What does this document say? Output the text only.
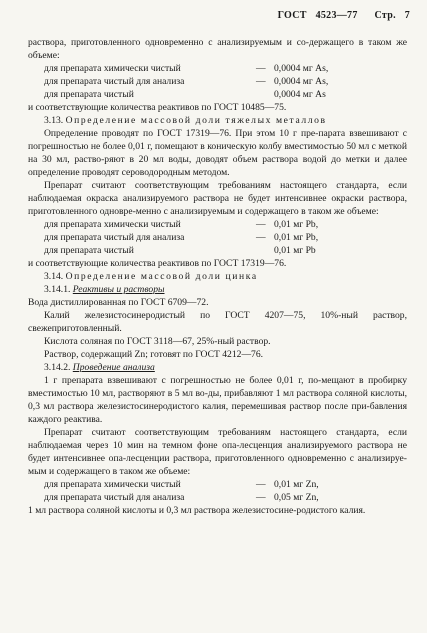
ГОСТ 4523—77 Стр. 7

раствора, приготовленного одновременно с анализируемым и со-держащего в таком же объеме:

для препарата химически чистый	— 0,0004 мг As,
для препарата чистый для анализа	— 0,0004 мг As,
для препарата чистый	0,0004 мг As

и соответствующие количества реактивов по ГОСТ 10485—75.

3.13. Определение массовой доли тяжелых металлов

Определение проводят по ГОСТ 17319—76. При этом 10 г пре-парата взвешивают с погрешностью не более 0,01 г, помещают в коническую колбу вместимостью 50 мл с меткой на 30 мл, раство-ряют в 20 мл воды, доводят объем раствора водой до метки и далее определение проводят сероводородным методом.

Препарат считают соответствующим требованиям настоящего стандарта, если наблюдаемая окраска анализируемого раствора не будет интенсивнее окраски раствора, приготовленного одновре-менно с анализируемым и содержащего в таком же объеме:

для препарата химически чистый	— 0,01 мг Pb,
для препарата чистый для анализа	— 0,01 мг Pb,
для препарата чистый	0,01 мг Pb

и соответствующие количества реактивов по ГОСТ 17319—76.

3.14. Определение массовой доли цинка

3.14.1. Реактивы и растворы

Вода дистиллированная по ГОСТ 6709—72.

Калий железистосинеродистый по ГОСТ 4207—75, 10%-ный раствор, свежеприготовленный.

Кислота соляная по ГОСТ 3118—67, 25%-ный раствор.

Раствор, содержащий Zn; готовят по ГОСТ 4212—76.

3.14.2. Проведение анализа

1 г препарата взвешивают с погрешностью не более 0,01 г, по-мещают в пробирку вместимостью 10 мл, растворяют в 5 мл во-ды, прибавляют 1 мл раствора соляной кислоты, 0,3 мл раствора железистосинеродистого калия, перемешивая раствор после при-бавления каждого реактива.

Препарат считают соответствующим требованиям настоящего стандарта, если наблюдаемая через 10 мин на темном фоне опа-лесценция анализируемого раствора не будет интенсивнее опа-лесценции раствора, приготовленного одновременно с анализируе-мым и содержащего в таком же объеме:

для препарата химически чистый	— 0,01 мг Zn,
для препарата чистый для анализа	— 0,05 мг Zn,

1 мл раствора соляной кислоты и 0,3 мл раствора железистосине-родистого калия.
